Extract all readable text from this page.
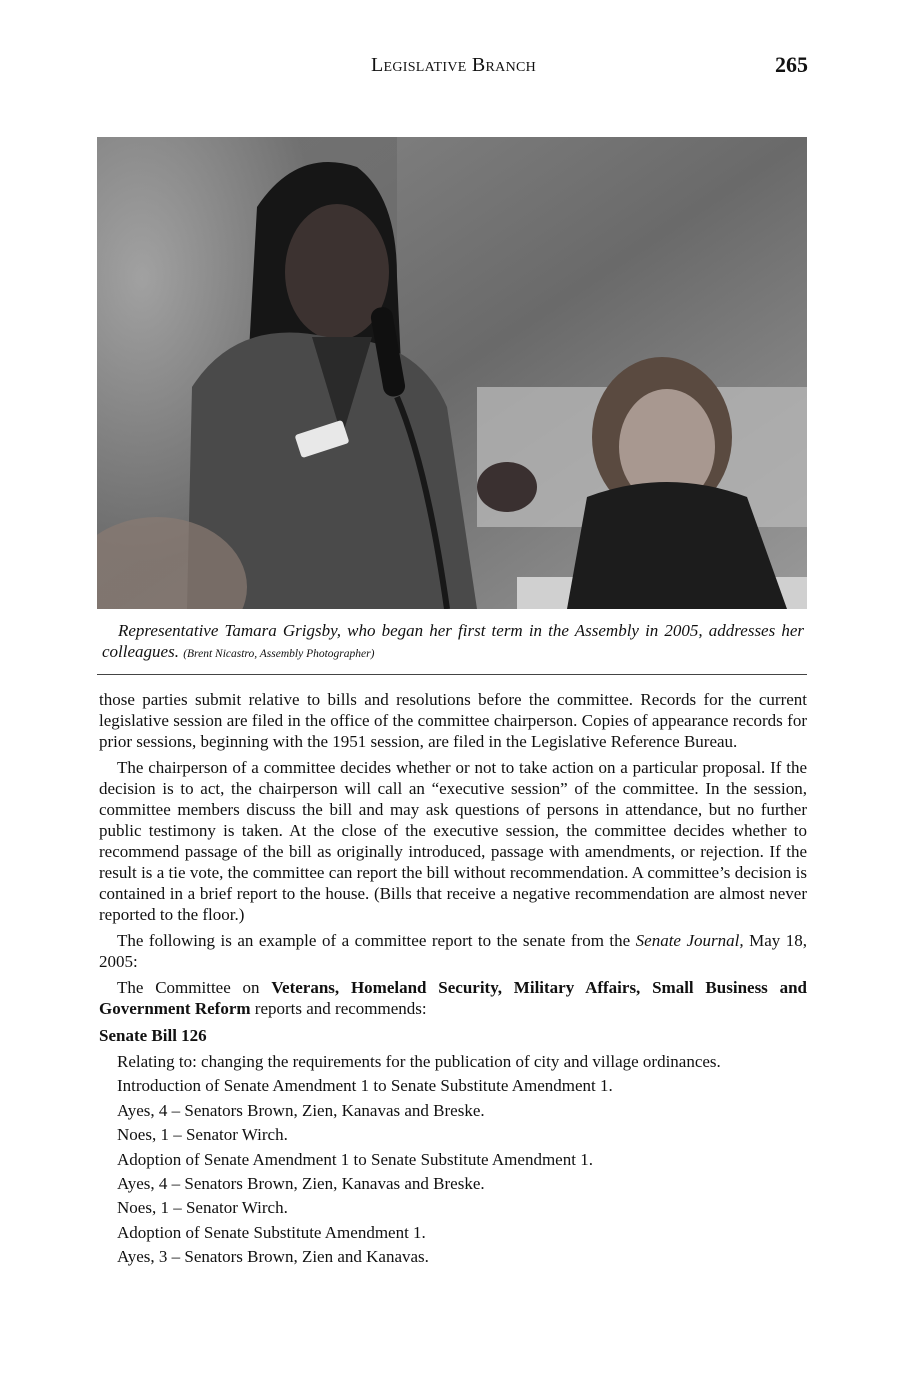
Legislative Branch	265
Representative Tamara Grigsby, who began her first term in the Assembly in 2005, addresses her colleagues. (Brent Nicastro, Assembly Photographer)

those parties submit relative to bills and resolutions before the committee. Records for the current legislative session are filed in the office of the committee chairperson. Copies of appearance records for prior sessions, beginning with the 1951 session, are filed in the Legislative Reference Bureau.

The chairperson of a committee decides whether or not to take action on a particular proposal. If the decision is to act, the chairperson will call an “executive session” of the committee. In the session, committee members discuss the bill and may ask questions of persons in attendance, but no further public testimony is taken. At the close of the executive session, the committee decides whether to recommend passage of the bill as originally introduced, passage with amendments, or rejection. If the result is a tie vote, the committee can report the bill without recommendation. A committee’s decision is contained in a brief report to the house. (Bills that receive a negative recommendation are almost never reported to the floor.)

The following is an example of a committee report to the senate from the Senate Journal, May 18, 2005:

The Committee on Veterans, Homeland Security, Military Affairs, Small Business and Government Reform reports and recommends:

Senate Bill 126

Relating to: changing the requirements for the publication of city and village ordinances.
Introduction of Senate Amendment 1 to Senate Substitute Amendment 1.
Ayes, 4 – Senators Brown, Zien, Kanavas and Breske.
Noes, 1 – Senator Wirch.
Adoption of Senate Amendment 1 to Senate Substitute Amendment 1.
Ayes, 4 – Senators Brown, Zien, Kanavas and Breske.
Noes, 1 – Senator Wirch.
Adoption of Senate Substitute Amendment 1.
Ayes, 3 – Senators Brown, Zien and Kanavas.
